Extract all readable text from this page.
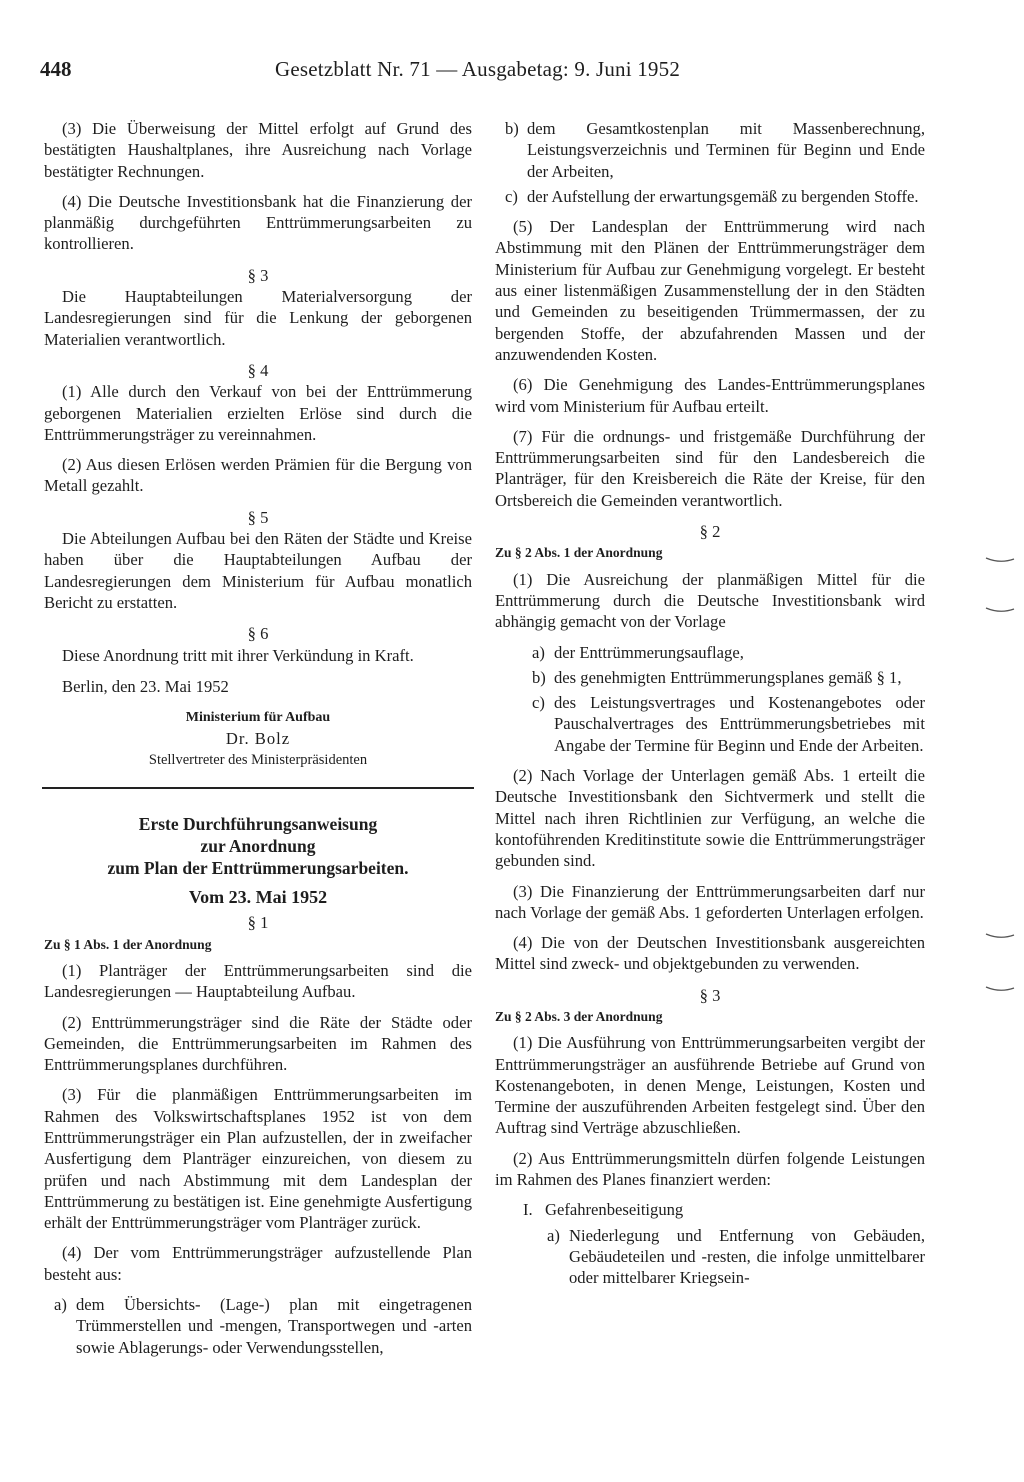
448	Gesetzblatt Nr. 71 — Ausgabetag: 9. Juni 1952

(3) Die Überweisung der Mittel erfolgt auf Grund des bestätigten Haushaltplanes, ihre Ausreichung nach Vorlage bestätigter Rechnungen.

(4) Die Deutsche Investitionsbank hat die Finanzierung der planmäßig durchgeführten Enttrümmerungsarbeiten zu kontrollieren.

§ 3

Die Hauptabteilungen Materialversorgung der Landesregierungen sind für die Lenkung der geborgenen Materialien verantwortlich.

§ 4

(1) Alle durch den Verkauf von bei der Enttrümmerung geborgenen Materialien erzielten Erlöse sind durch die Enttrümmerungsträger zu vereinnahmen.

(2) Aus diesen Erlösen werden Prämien für die Bergung von Metall gezahlt.

§ 5

Die Abteilungen Aufbau bei den Räten der Städte und Kreise haben über die Hauptabteilungen Aufbau der Landesregierungen dem Ministerium für Aufbau monatlich Bericht zu erstatten.

§ 6

Diese Anordnung tritt mit ihrer Verkündung in Kraft.

Berlin, den 23. Mai 1952

Ministerium für Aufbau

Dr. Bolz

Stellvertreter des Ministerpräsidenten

Erste Durchführungsanweisung

zur Anordnung

zum Plan der Enttrümmerungsarbeiten.

Vom 23. Mai 1952

§ 1

Zu § 1 Abs. 1 der Anordnung

(1) Planträger der Enttrümmerungsarbeiten sind die Landesregierungen — Hauptabteilung Aufbau.

(2) Enttrümmerungsträger sind die Räte der Städte oder Gemeinden, die Enttrümmerungsarbeiten im Rahmen des Enttrümmerungsplanes durchführen.

(3) Für die planmäßigen Enttrümmerungsarbeiten im Rahmen des Volkswirtschaftsplanes 1952 ist von dem Enttrümmerungsträger ein Plan aufzustellen, der in zweifacher Ausfertigung dem Planträger einzureichen, von diesem zu prüfen und nach Abstimmung mit dem Landesplan der Enttrümmerung zu bestätigen ist. Eine genehmigte Ausfertigung erhält der Enttrümmerungsträger vom Planträger zurück.

(4) Der vom Enttrümmerungsträger aufzustellende Plan besteht aus:

a) dem Übersichts- (Lage-) plan mit eingetragenen Trümmerstellen und -mengen, Transportwegen und -arten sowie Ablagerungs- oder Verwendungsstellen,
b) dem Gesamtkostenplan mit Massenberechnung, Leistungsverzeichnis und Terminen für Beginn und Ende der Arbeiten,
c) der Aufstellung der erwartungsgemäß zu bergenden Stoffe.

(5) Der Landesplan der Enttrümmerung wird nach Abstimmung mit den Plänen der Enttrümmerungsträger dem Ministerium für Aufbau zur Genehmigung vorgelegt. Er besteht aus einer listenmäßigen Zusammenstellung der in den Städten und Gemeinden zu beseitigenden Trümmermassen, der zu bergenden Stoffe, der abzufahrenden Massen und der anzuwendenden Kosten.

(6) Die Genehmigung des Landes-Enttrümmerungsplanes wird vom Ministerium für Aufbau erteilt.

(7) Für die ordnungs- und fristgemäße Durchführung der Enttrümmerungsarbeiten sind für den Landesbereich die Planträger, für den Kreisbereich die Räte der Kreise, für den Ortsbereich die Gemeinden verantwortlich.

§ 2

Zu § 2 Abs. 1 der Anordnung

(1) Die Ausreichung der planmäßigen Mittel für die Enttrümmerung durch die Deutsche Investitionsbank wird abhängig gemacht von der Vorlage

a) der Enttrümmerungsauflage,
b) des genehmigten Enttrümmerungsplanes gemäß § 1,
c) des Leistungsvertrages und Kostenangebotes oder Pauschalvertrages des Enttrümmerungsbetriebes mit Angabe der Termine für Beginn und Ende der Arbeiten.

(2) Nach Vorlage der Unterlagen gemäß Abs. 1 erteilt die Deutsche Investitionsbank den Sichtvermerk und stellt die Mittel nach ihren Richtlinien zur Verfügung, an welche die kontoführenden Kreditinstitute sowie die Enttrümmerungsträger gebunden sind.

(3) Die Finanzierung der Enttrümmerungsarbeiten darf nur nach Vorlage der gemäß Abs. 1 geforderten Unterlagen erfolgen.

(4) Die von der Deutschen Investitionsbank ausgereichten Mittel sind zweck- und objektgebunden zu verwenden.

§ 3

Zu § 2 Abs. 3 der Anordnung

(1) Die Ausführung von Enttrümmerungsarbeiten vergibt der Enttrümmerungsträger an ausführende Betriebe auf Grund von Kostenangeboten, in denen Menge, Leistungen, Kosten und Termine der auszuführenden Arbeiten festgelegt sind. Über den Auftrag sind Verträge abzuschließen.

(2) Aus Enttrümmerungsmitteln dürfen folgende Leistungen im Rahmen des Planes finanziert werden:

I. Gefahrenbeseitigung
a) Niederlegung und Entfernung von Gebäuden, Gebäudeteilen und -resten, die infolge unmittelbarer oder mittelbarer Kriegsein-
